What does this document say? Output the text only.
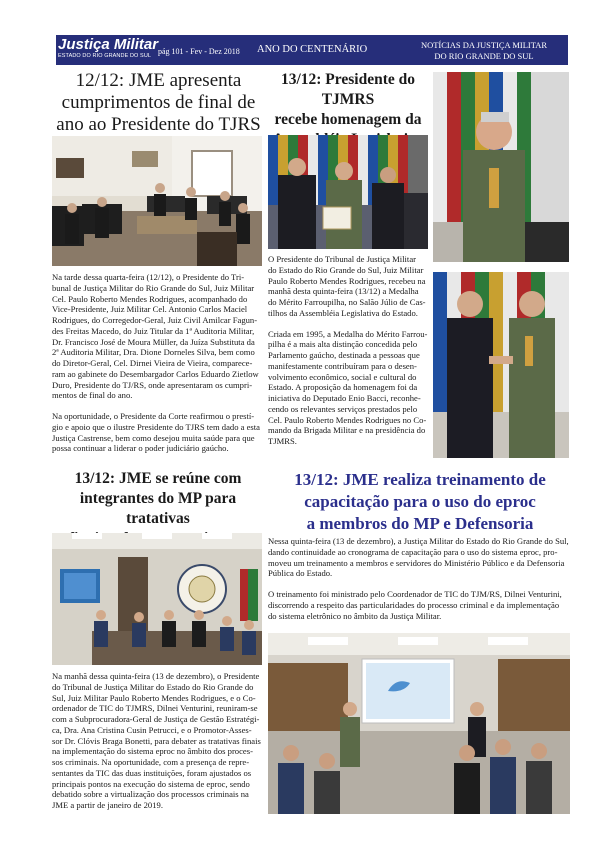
Justiça Militar
ESTADO DO RIO GRANDE DO SUL pág 101 - Fev - Dez 2018 ANO DO CENTENÁRIO	NOTÍCIAS DA JUSTIÇA MILITAR
DO RIO GRANDE DO SUL
12/12: JME apresenta
cumprimentos de final de
ano ao Presidente do TJRS
Na tarde dessa quarta-feira (12/12), o Presidente do Tri-
bunal de Justiça Militar do Rio Grande do Sul, Juiz Militar
Cel. Paulo Roberto Mendes Rodrigues, acompanhado do
Vice-Presidente, Juiz Militar Cel. Antonio Carlos Maciel
Rodrigues, do Corregedor-Geral, Juiz Civil Amilcar Fagun-
des Freitas Macedo, do Juiz Titular da 1ª Auditoria Militar,
Dr. Francisco José de Moura Müller, da Juíza Substituta da
2ª Auditoria Militar, Dra. Dione Dorneles Silva, bem como
do Diretor-Geral, Cel. Dirnei Vieira de Vieira, comparece-
ram ao gabinete do Desembargador Carlos Eduardo Zietlow
Duro, Presidente do TJ/RS, onde apresentaram os cumpri-
mentos de final do ano.
Na oportunidade, o Presidente da Corte reafirmou o prestí-
gio e apoio que o ilustre Presidente do TJRS tem dado a esta
Justiça Castrense, bem como desejou muita saúde para que
possa continuar a liderar o poder judiciário gaúcho.
13/12: Presidente do TJMRS
recebe homenagem da
O Presidente do Tribunal de Justiça Militar
do Estado do Rio Grande do Sul, Juiz Militar
Paulo Roberto Mendes Rodrigues, recebeu na
manhã desta quinta-feira (13/12) a Medalha
do Mérito Farroupilha, no Salão Júlio de Cas-
tilhos da Assembléia Legislativa do Estado.
Criada em 1995, a Medalha do Mérito Farrou-
pilha é a mais alta distinção concedida pelo
Parlamento gaúcho, destinada a pessoas que
manifestamente contribuíram para o desen-
volvimento econômico, social e cultural do
Estado. A proposição da homenagem foi da
iniciativa do Deputado Enio Bacci, reconhe-
cendo os relevantes serviços prestados pelo
Cel. Paulo Roberto Mendes Rodrigues no Co-
mando da Brigada Militar e na presidência do
TJMRS.
13/12: JME se reúne com
integrantes do MP para tratativas
Na manhã dessa quinta-feira (13 de dezembro), o Presidente
do Tribunal de Justiça Militar do Estado do Rio Grande do
Sul, Juiz Militar Paulo Roberto Mendes Rodrigues, e o Co-
ordenador de TIC do TJMRS, Dilnei Venturini, reuniram-se
com a Subprocuradora-Geral de Justiça de Gestão Estratégi-
ca, Dra. Ana Cristina Cusin Petrucci, e o Promotor-Asses-
sor Dr. Clóvis Braga Bonetti, para debater as tratativas finais
na implementação do sistema eproc no âmbito dos proces-
sos criminais. Na oportunidade, com a presença de repre-
sentantes da TIC das duas instituições, foram ajustados os
principais pontos na execução do sistema de eproc, sendo
debatido sobre a virtualização dos processos criminais na
JME a partir de janeiro de 2019.
13/12: JME realiza treinamento de
capacitação para o uso do eproc
a membros do MP e Defensoria
Nessa quinta-feira (13 de dezembro), a Justiça Militar do Estado do Rio Grande do Sul,
dando continuidade ao cronograma de capacitação para o uso do sistema eproc, pro-
moveu um treinamento a membros e servidores do Ministério Público e da Defensoria
Pública do Estado.
O treinamento foi ministrado pelo Coordenador de TIC do TJM/RS, Dilnei Venturini,
discorrendo a respeito das particularidades do processo criminal e da implementação
do sistema eletrônico no âmbito da Justiça Militar.
